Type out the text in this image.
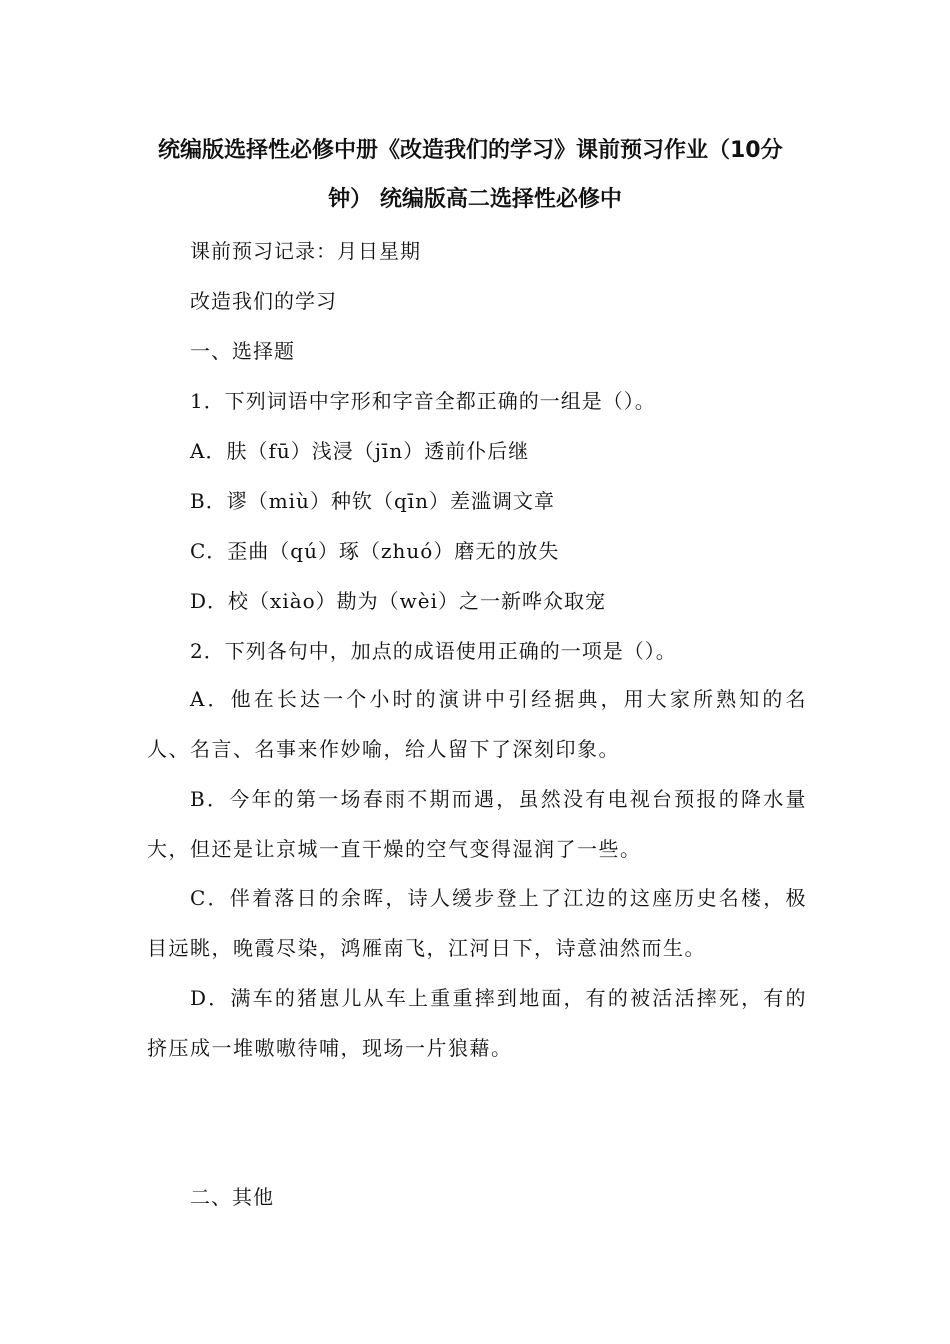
统编版选择性必修中册《改造我们的学习》课前预习作业（10分
钟） 统编版高二选择性必修中
课前预习记录：月日星期
改造我们的学习
一、选择题
1．下列词语中字形和字音全都正确的一组是（）。
A．肤（fū）浅浸（jīn）透前仆后继
B．谬（miù）种钦（qīn）差滥调文章
C．歪曲（qú）琢（zhuó）磨无的放失
D．校（xiào）勘为（wèi）之一新哗众取宠
2．下列各句中，加点的成语使用正确的一项是（）。
A．他在长达一个小时的演讲中引经据典，用大家所熟知的名人、名言、名事来作妙喻，给人留下了深刻印象。
B．今年的第一场春雨不期而遇，虽然没有电视台预报的降水量大，但还是让京城一直干燥的空气变得湿润了一些。
C．伴着落日的余晖，诗人缓步登上了江边的这座历史名楼，极目远眺，晚霞尽染，鸿雁南飞，江河日下，诗意油然而生。
D．满车的猪崽儿从车上重重摔到地面，有的被活活摔死，有的挤压成一堆嗷嗷待哺，现场一片狼藉。
二、其他
